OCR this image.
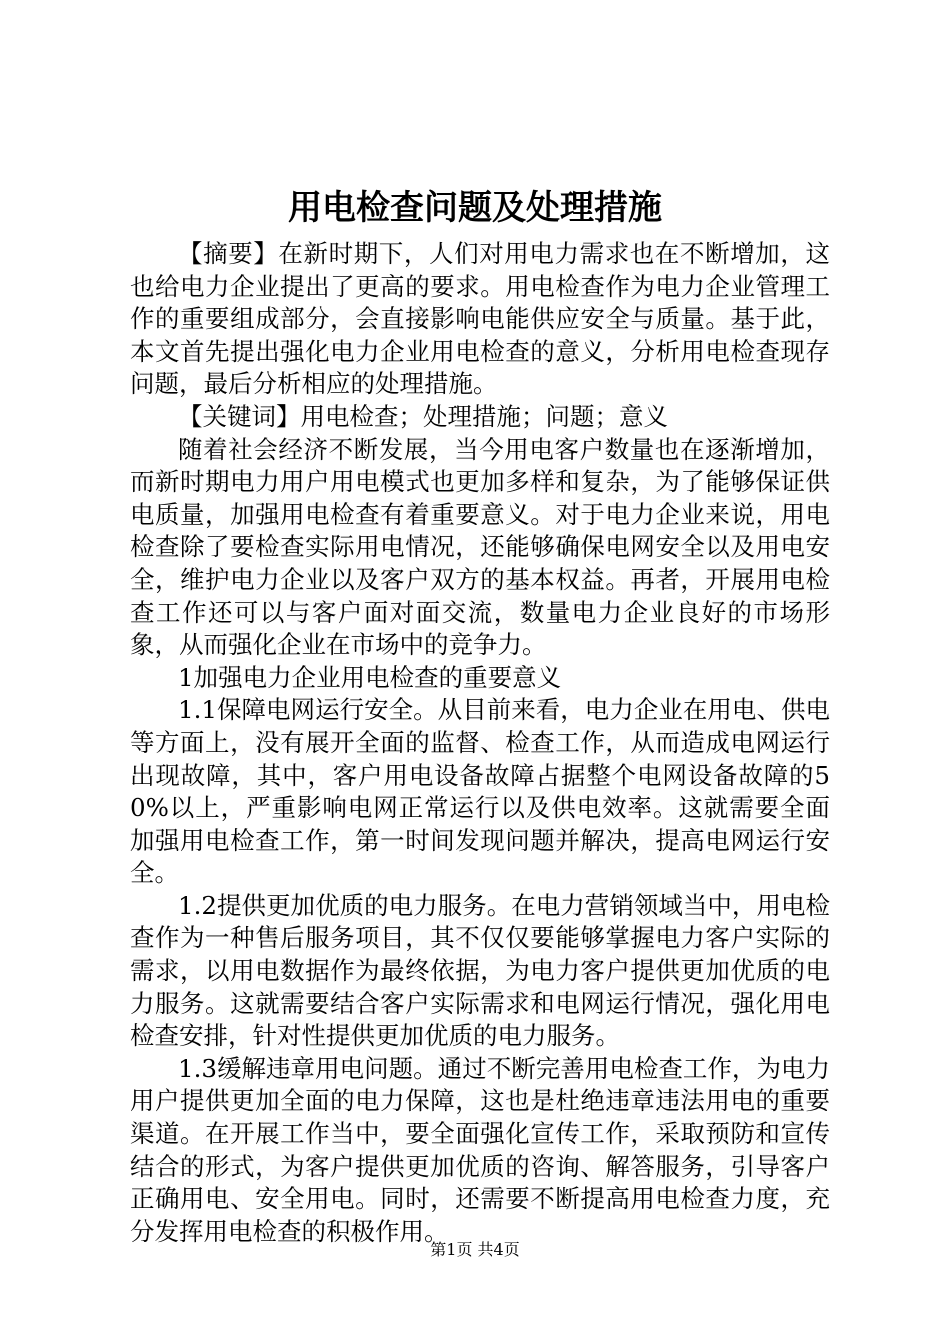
用电检查问题及处理措施

【摘要】在新时期下，人们对用电力需求也在不断增加，这也给电力企业提出了更高的要求。用电检查作为电力企业管理工作的重要组成部分，会直接影响电能供应安全与质量。基于此，本文首先提出强化电力企业用电检查的意义，分析用电检查现存问题，最后分析相应的处理措施。

【关键词】用电检查；处理措施；问题；意义

随着社会经济不断发展，当今用电客户数量也在逐渐增加，而新时期电力用户用电模式也更加多样和复杂，为了能够保证供电质量，加强用电检查有着重要意义。对于电力企业来说，用电检查除了要检查实际用电情况，还能够确保电网安全以及用电安全，维护电力企业以及客户双方的基本权益。再者，开展用电检查工作还可以与客户面对面交流，数量电力企业良好的市场形象，从而强化企业在市场中的竞争力。

1加强电力企业用电检查的重要意义

1.1保障电网运行安全。从目前来看，电力企业在用电、供电等方面上，没有展开全面的监督、检查工作，从而造成电网运行出现故障，其中，客户用电设备故障占据整个电网设备故障的50%以上，严重影响电网正常运行以及供电效率。这就需要全面加强用电检查工作，第一时间发现问题并解决，提高电网运行安全。

1.2提供更加优质的电力服务。在电力营销领域当中，用电检查作为一种售后服务项目，其不仅仅要能够掌握电力客户实际的需求，以用电数据作为最终依据，为电力客户提供更加优质的电力服务。这就需要结合客户实际需求和电网运行情况，强化用电检查安排，针对性提供更加优质的电力服务。

1.3缓解违章用电问题。通过不断完善用电检查工作，为电力用户提供更加全面的电力保障，这也是杜绝违章违法用电的重要渠道。在开展工作当中，要全面强化宣传工作，采取预防和宣传结合的形式，为客户提供更加优质的咨询、解答服务，引导客户正确用电、安全用电。同时，还需要不断提高用电检查力度，充分发挥用电检查的积极作用。

第1页 共4页
